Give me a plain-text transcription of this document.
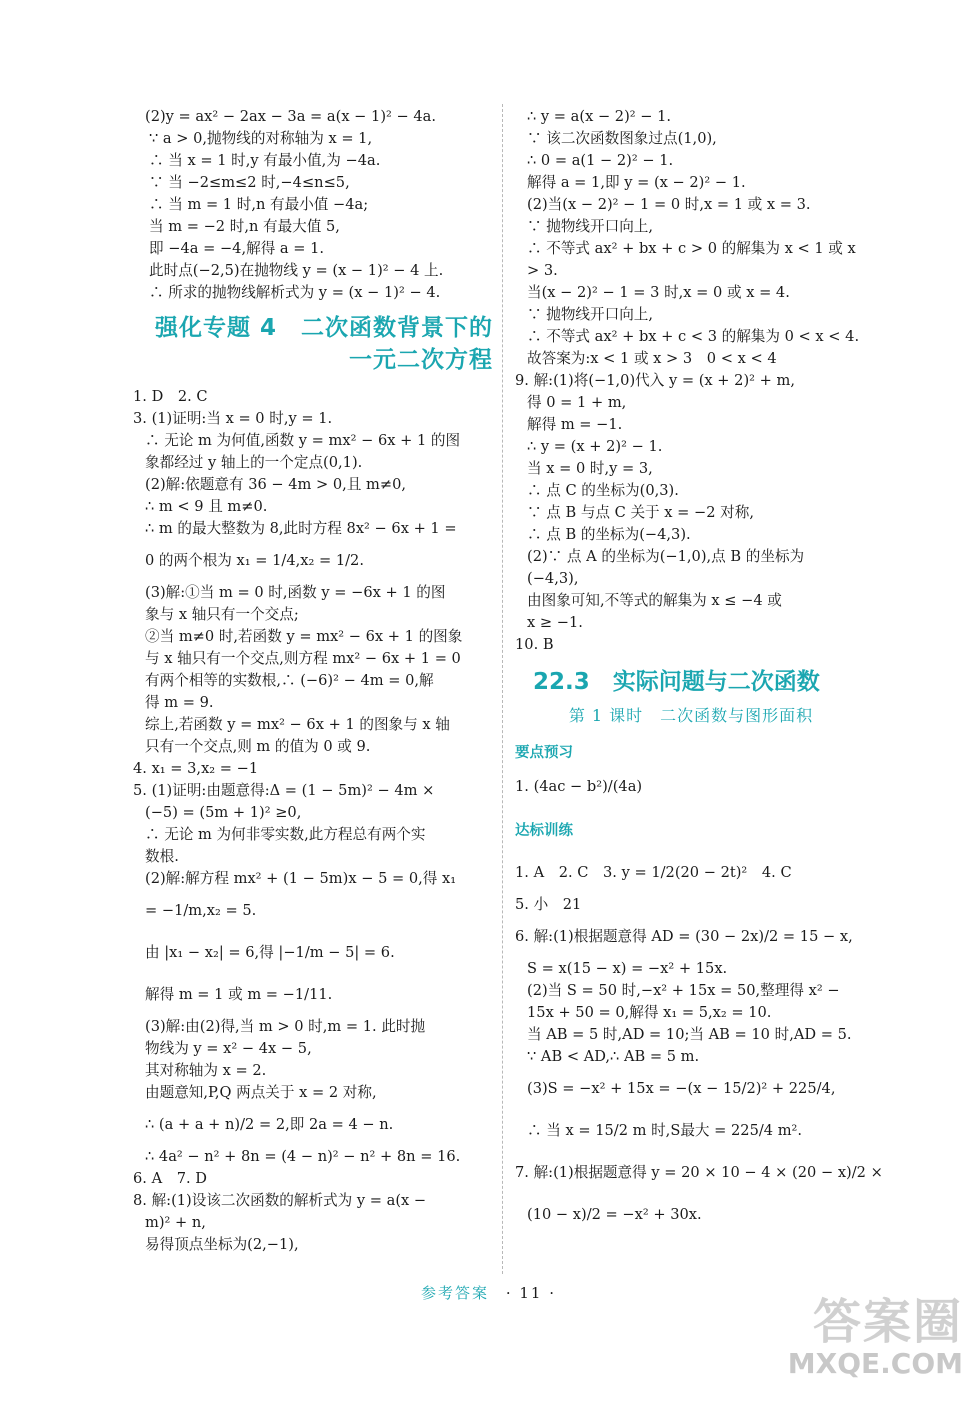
(2)y = ax² − 2ax − 3a = a(x − 1)² − 4a.
∵ a > 0,抛物线的对称轴为 x = 1,
∴ 当 x = 1 时,y 有最小值,为 −4a.
∵ 当 −2≤m≤2 时,−4≤n≤5,
∴ 当 m = 1 时,n 有最小值 −4a;
当 m = −2 时,n 有最大值 5,
即 −4a = −4,解得 a = 1.
此时点(−2,5)在抛物线 y = (x − 1)² − 4 上.
∴ 所求的抛物线解析式为 y = (x − 1)² − 4.
强化专题 4　二次函数背景下的
一元二次方程
1. D　2. C
3. (1)证明:当 x = 0 时,y = 1.
∴ 无论 m 为何值,函数 y = mx² − 6x + 1 的图
象都经过 y 轴上的一个定点(0,1).
(2)解:依题意有 36 − 4m > 0,且 m≠0,
∴ m < 9 且 m≠0.
∴ m 的最大整数为 8,此时方程 8x² − 6x + 1 =
0 的两个根为 x₁ = 1/4,x₂ = 1/2.
(3)解:①当 m = 0 时,函数 y = −6x + 1 的图
象与 x 轴只有一个交点;
②当 m≠0 时,若函数 y = mx² − 6x + 1 的图象
与 x 轴只有一个交点,则方程 mx² − 6x + 1 = 0
有两个相等的实数根,∴ (−6)² − 4m = 0,解
得 m = 9.
综上,若函数 y = mx² − 6x + 1 的图象与 x 轴
只有一个交点,则 m 的值为 0 或 9.
4. x₁ = 3,x₂ = −1
5. (1)证明:由题意得:Δ = (1 − 5m)² − 4m ×
(−5) = (5m + 1)² ≥0,
∴ 无论 m 为何非零实数,此方程总有两个实
数根.
(2)解:解方程 mx² + (1 − 5m)x − 5 = 0,得 x₁
= −1/m,x₂ = 5.
由 |x₁ − x₂| = 6,得 |−1/m − 5| = 6.
解得 m = 1 或 m = −1/11.
(3)解:由(2)得,当 m > 0 时,m = 1. 此时抛
物线为 y = x² − 4x − 5,
其对称轴为 x = 2.
由题意知,P,Q 两点关于 x = 2 对称,
∴ (a + a + n)/2 = 2,即 2a = 4 − n.
∴ 4a² − n² + 8n = (4 − n)² − n² + 8n = 16.
6. A　7. D
8. 解:(1)设该二次函数的解析式为 y = a(x −
m)² + n,
易得顶点坐标为(2,−1),
∴ y = a(x − 2)² − 1.
∵ 该二次函数图象过点(1,0),
∴ 0 = a(1 − 2)² − 1.
解得 a = 1,即 y = (x − 2)² − 1.
(2)当(x − 2)² − 1 = 0 时,x = 1 或 x = 3.
∵ 抛物线开口向上,
∴ 不等式 ax² + bx + c > 0 的解集为 x < 1 或 x
> 3.
当(x − 2)² − 1 = 3 时,x = 0 或 x = 4.
∵ 抛物线开口向上,
∴ 不等式 ax² + bx + c < 3 的解集为 0 < x < 4.
故答案为:x < 1 或 x > 3　0 < x < 4
9. 解:(1)将(−1,0)代入 y = (x + 2)² + m,
得 0 = 1 + m,
解得 m = −1.
∴ y = (x + 2)² − 1.
当 x = 0 时,y = 3,
∴ 点 C 的坐标为(0,3).
∵ 点 B 与点 C 关于 x = −2 对称,
∴ 点 B 的坐标为(−4,3).
(2)∵ 点 A 的坐标为(−1,0),点 B 的坐标为
(−4,3),
由图象可知,不等式的解集为 x ≤ −4 或
x ≥ −1.
10. B
22.3　实际问题与二次函数
第 1 课时　二次函数与图形面积
要点预习
1. (4ac − b²)/(4a)
达标训练
1. A　2. C　3. y = 1/2(20 − 2t)²　4. C
5. 小　21
6. 解:(1)根据题意得 AD = (30 − 2x)/2 = 15 − x,
S = x(15 − x) = −x² + 15x.
(2)当 S = 50 时,−x² + 15x = 50,整理得 x² −
15x + 50 = 0,解得 x₁ = 5,x₂ = 10.
当 AB = 5 时,AD = 10;当 AB = 10 时,AD = 5.
∵ AB < AD,∴ AB = 5 m.
(3)S = −x² + 15x = −(x − 15/2)² + 225/4,
∴ 当 x = 15/2 m 时,S最大 = 225/4 m².
7. 解:(1)根据题意得 y = 20 × 10 − 4 × (20 − x)/2 ×
(10 − x)/2 = −x² + 30x.
参考答案 · 11 ·
答案圈
MXQE.COM
